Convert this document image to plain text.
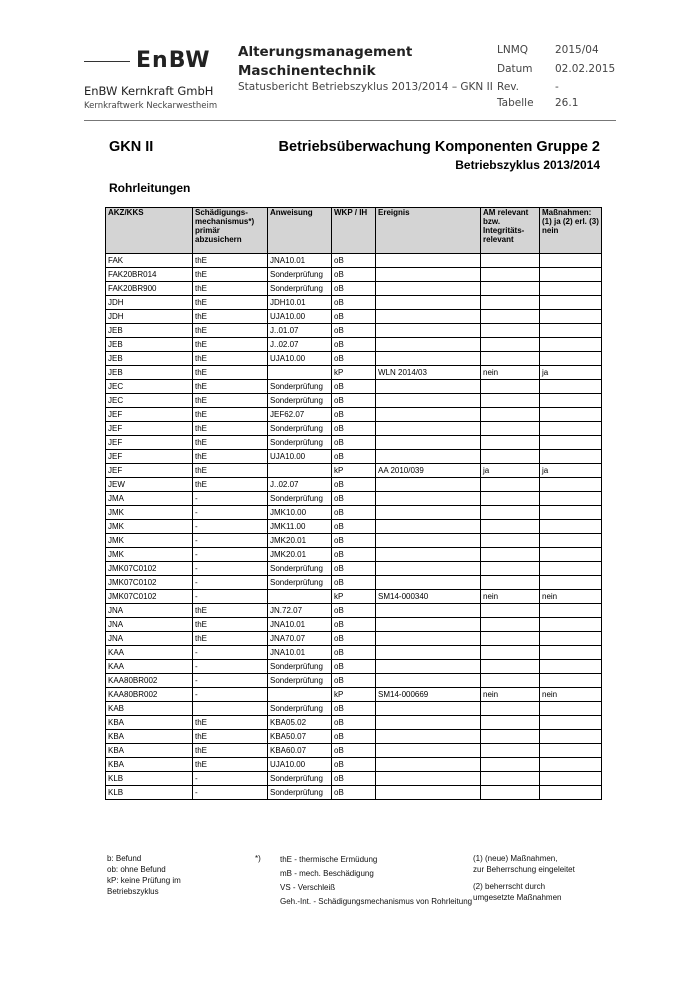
EnBW
EnBW Kernkraft GmbH
Kernkraftwerk Neckarwestheim
Alterungsmanagement
Maschinentechnik
Statusbericht Betriebszyklus 2013/2014 – GKN II
LNMQ	2015/04
Datum 02.02.2015
Rev.	-
Tabelle 26.1
GKN II	Betriebsüberwachung Komponenten Gruppe 2
Betriebszyklus 2013/2014
Rohrleitungen
AKZ/KKS	Schädigungs-mechanismus*) primär abzusichern	Anweisung	WKP / IH	Ereignis	AM relevant bzw. Integritäts-relevant	Maßnahmen: (1) ja (2) erl. (3) nein
FAK	thE	JNA10.01	oB			
FAK20BR014	thE	Sonderprüfung	oB			
FAK20BR900	thE	Sonderprüfung	oB			
JDH	thE	JDH10.01	oB			
JDH	thE	UJA10.00	oB			
JEB	thE	J..01.07	oB			
JEB	thE	J..02.07	oB			
JEB	thE	UJA10.00	oB			
JEB	thE		kP	WLN 2014/03	nein	ja
JEC	thE	Sonderprüfung	oB			
JEC	thE	Sonderprüfung	oB			
JEF	thE	JEF62.07	oB			
JEF	thE	Sonderprüfung	oB			
JEF	thE	Sonderprüfung	oB			
JEF	thE	UJA10.00	oB			
JEF	thE		kP	AA 2010/039	ja	ja
JEW	thE	J..02.07	oB			
JMA	-	Sonderprüfung	oB			
JMK	-	JMK10.00	oB			
JMK	-	JMK11.00	oB			
JMK	-	JMK20.01	oB			
JMK	-	JMK20.01	oB			
JMK07C0102	-	Sonderprüfung	oB			
JMK07C0102	-	Sonderprüfung	oB			
JMK07C0102	-		kP	SM14-000340	nein	nein
JNA	thE	JN.72.07	oB			
JNA	thE	JNA10.01	oB			
JNA	thE	JNA70.07	oB			
KAA	-	JNA10.01	oB			
KAA	-	Sonderprüfung	oB			
KAA80BR002	-	Sonderprüfung	oB			
KAA80BR002	-		kP	SM14-000669	nein	nein
KAB		Sonderprüfung	oB			
KBA	thE	KBA05.02	oB			
KBA	thE	KBA50.07	oB			
KBA	thE	KBA60.07	oB			
KBA	thE	UJA10.00	oB			
KLB	-	Sonderprüfung	oB			
KLB	-	Sonderprüfung	oB			
b: Befund
ob: ohne Befund
kP: keine Prüfung im
Betriebszyklus
*) thE - thermische Ermüdung
mB - mech. Beschädigung
VS - Verschleiß
Geh.-Int. - Schädigungsmechanismus von Rohrleitung
(1) (neue) Maßnahmen,
zur Beherrschung eingeleitet
(2) beherrscht durch
umgesetzte Maßnahmen
